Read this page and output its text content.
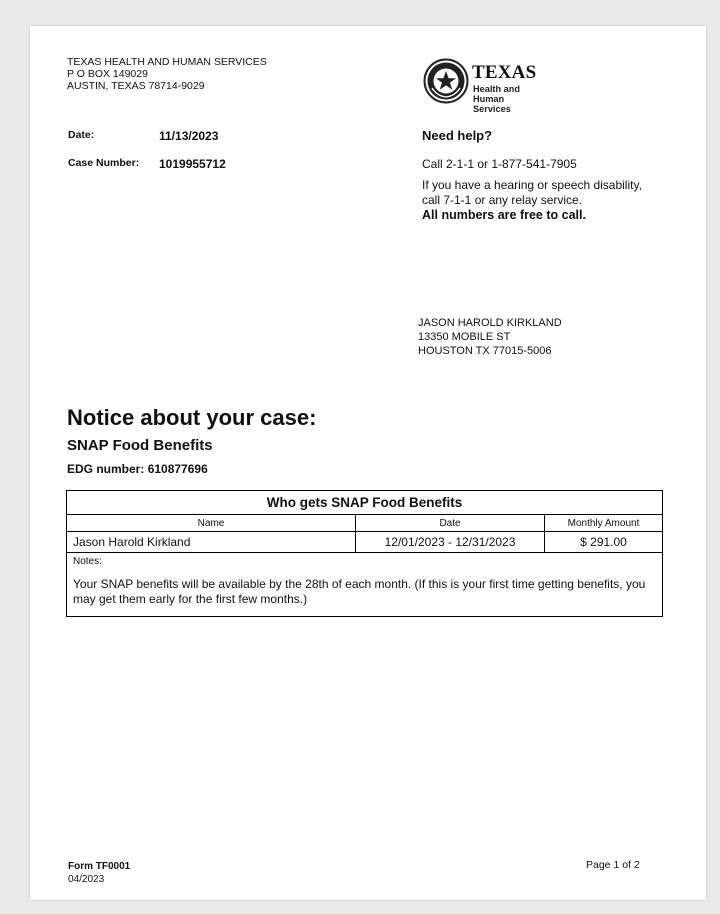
TEXAS HEALTH AND HUMAN SERVICES
P O BOX 149029
AUSTIN, TEXAS 78714-9029
TEXAS
Health and Human
Services
Date:	11/13/2023
Case Number: 1019955712
Need help?
Call 2-1-1 or 1-877-541-7905
If you have a hearing or speech disability,
call 7-1-1 or any relay service.
All numbers are free to call.
JASON HAROLD KIRKLAND
13350 MOBILE ST
HOUSTON TX 77015-5006
Notice about your case:
SNAP Food Benefits
EDG number: 610877696
Who gets SNAP Food Benefits		
Name	Date	Monthly Amount
Jason Harold Kirkland	12/01/2023 - 12/31/2023	$ 291.00

Notes:
Your SNAP benefits will be available by the 28th of each month. (If this is your first time getting benefits, you may get them early for the first few months.)		
Form TF0001
04/2023
Page 1 of 2
